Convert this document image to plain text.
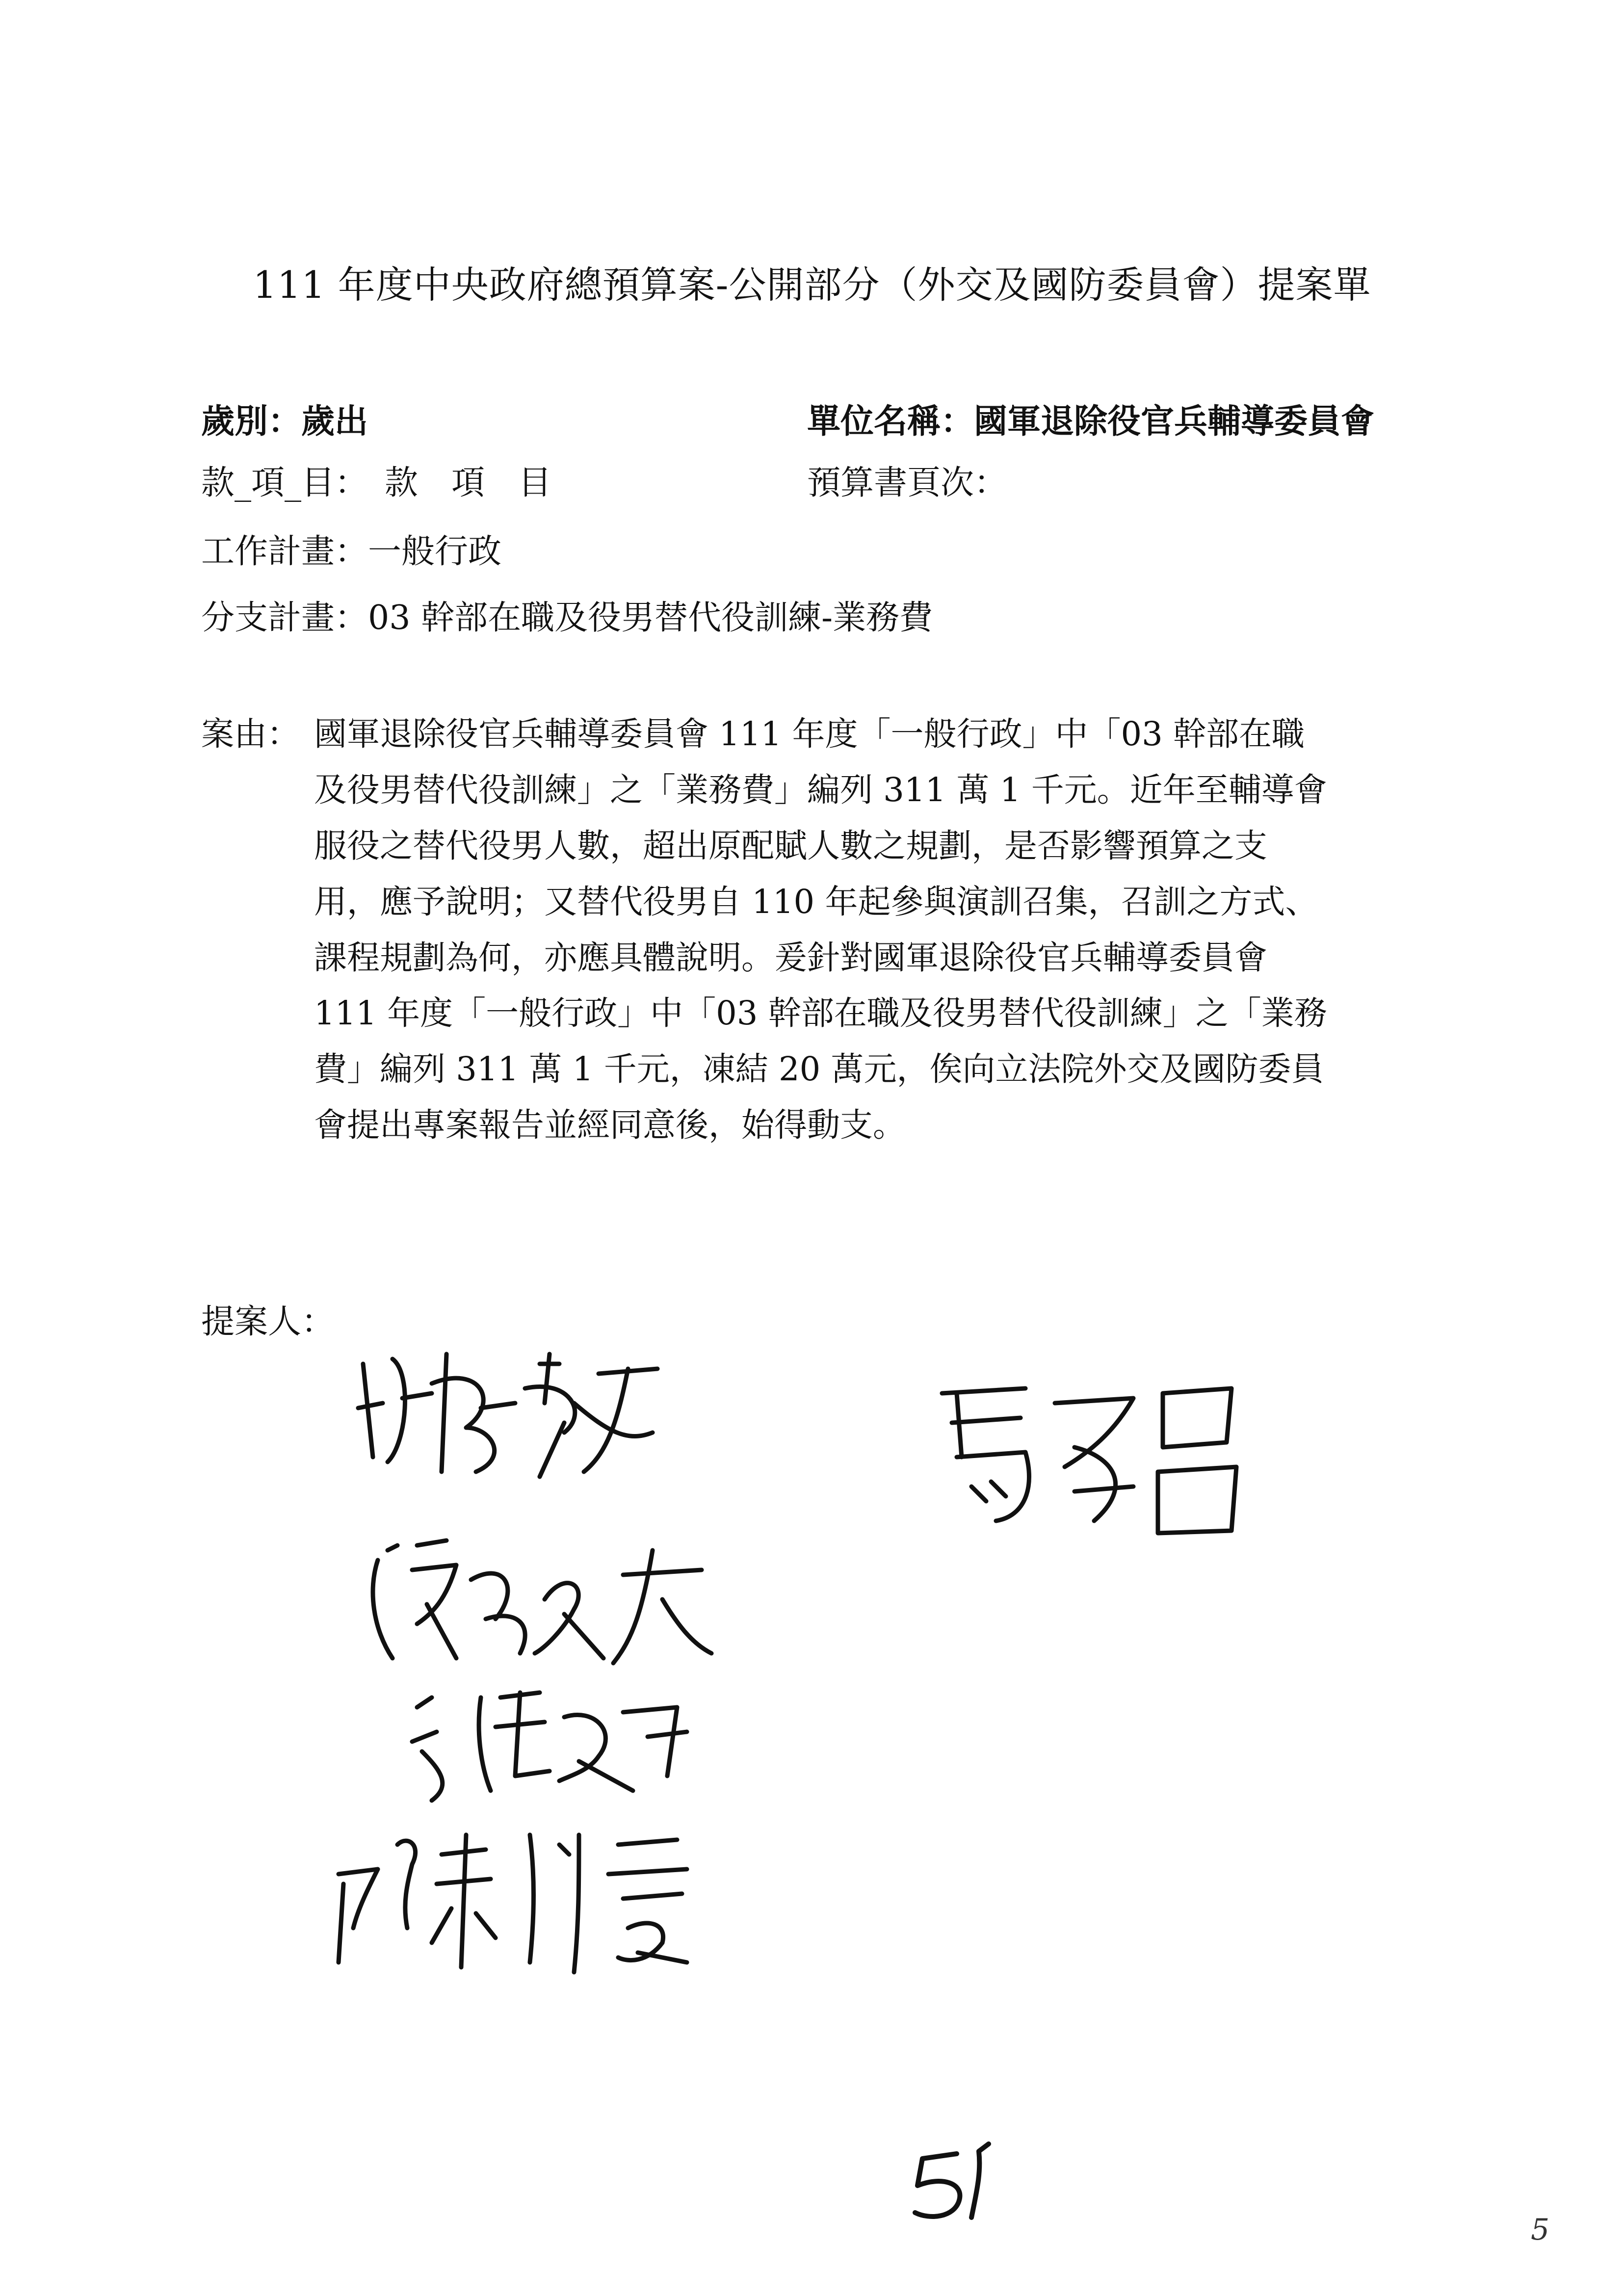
111 年度中央政府總預算案-公開部分（外交及國防委員會）提案單
歲別：歲出	單位名稱：國軍退除役官兵輔導委員會
款_項_目：　款　項　目	預算書頁次：
工作計畫：一般行政
分支計畫：03 幹部在職及役男替代役訓練-業務費
案由： 國軍退除役官兵輔導委員會 111 年度「一般行政」中「03 幹部在職
及役男替代役訓練」之「業務費」編列 311 萬 1 千元。近年至輔導會
服役之替代役男人數，超出原配賦人數之規劃，是否影響預算之支
用，應予說明；又替代役男自 110 年起參與演訓召集，召訓之方式、
課程規劃為何，亦應具體說明。爰針對國軍退除役官兵輔導委員會
111 年度「一般行政」中「03 幹部在職及役男替代役訓練」之「業務
費」編列 311 萬 1 千元，凍結 20 萬元，俟向立法院外交及國防委員
會提出專案報告並經同意後，始得動支。
提案人：
5
